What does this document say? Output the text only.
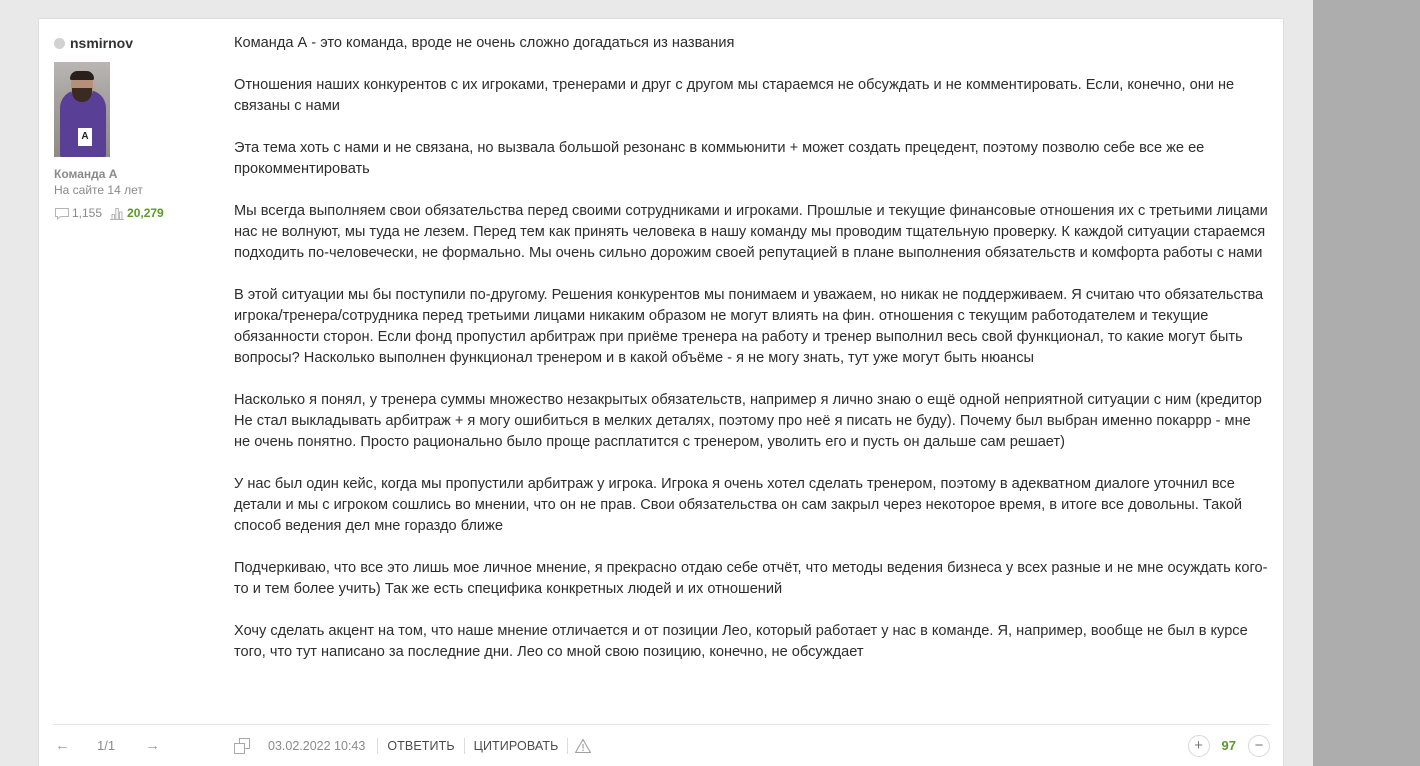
nsmirnov
A
Команда А
На сайте 14 лет
1,155 20,279

Команда А - это команда, вроде не очень сложно догадаться из названия

Отношения наших конкурентов с их игроками, тренерами и друг с другом мы стараемся не обсуждать и не комментировать. Если, конечно, они не связаны с нами

Эта тема хоть с нами и не связана, но вызвала большой резонанс в коммьюнити + может создать прецедент, поэтому позволю себе все же ее прокомментировать

Мы всегда выполняем свои обязательства перед своими сотрудниками и игроками. Прошлые и текущие финансовые отношения их с третьими лицами нас не волнуют, мы туда не лезем. Перед тем как принять человека в нашу команду мы проводим тщательную проверку. К каждой ситуации стараемся подходить по-человечески, не формально. Мы очень сильно дорожим своей репутацией в плане выполнения обязательств и комфорта работы с нами

В этой ситуации мы бы поступили по-другому. Решения конкурентов мы понимаем и уважаем, но никак не поддерживаем. Я считаю что обязательства игрока/тренера/сотрудника перед третьими лицами никаким образом не могут влиять на фин. отношения с текущим работодателем и текущие обязанности сторон. Если фонд пропустил арбитраж при приёме тренера на работу и тренер выполнил весь свой функционал, то какие могут быть вопросы? Насколько выполнен функционал тренером и в какой объёме - я не могу знать, тут уже могут быть нюансы

Насколько я понял, у тренера суммы множество незакрытых обязательств, например я лично знаю о ещё одной неприятной ситуации с ним (кредитор Не стал выкладывать арбитраж + я могу ошибиться в мелких деталях, поэтому про неё я писать не буду). Почему был выбран именно покарpp - мне не очень понятно. Просто рационально было проще расплатится с тренером, уволить его и пусть он дальше сам решает)

У нас был один кейс, когда мы пропустили арбитраж у игрока. Игрока я очень хотел сделать тренером, поэтому в адекватном диалоге уточнил все детали и мы с игроком сошлись во мнении, что он не прав. Свои обязательства он сам закрыл через некоторое время, в итоге все довольны. Такой способ ведения дел мне гораздо ближе

Подчеркиваю, что все это лишь мое личное мнение, я прекрасно отдаю себе отчёт, что методы ведения бизнеса у всех разные и не мне осуждать кого-то и тем более учить) Так же есть специфика конкретных людей и их отношений

Хочу сделать акцент на том, что наше мнение отличается и от позиции Лео, который работает у нас в команде. Я, например, вообще не был в курсе того, что тут написано за последние дни. Лео со мной свою позицию, конечно, не обсуждает

← 1/1 →	03.02.2022 10:43	ОТВЕТИТЬ	ЦИТИРОВАТЬ	+	97	−
